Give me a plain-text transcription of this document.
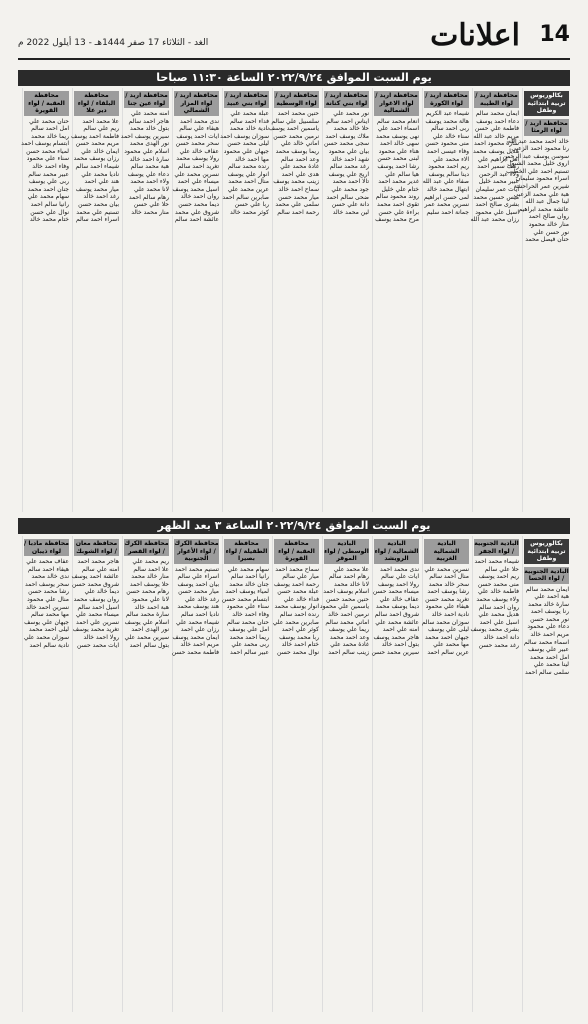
14
اعلانات
الغد - الثلاثاء 17 صفر 1444هـ - 13 أيلول 2022 م
يوم السبت الموافق ٢٠٢٢/٩/٢٤ الساعة ١١:٣٠ صباحا
بكالوريوس تربية ابتدائية وطفل
محافظة اربد / لواء الرمثا
خالد احمد محمد عبد الله
رنا محمود احمد الزعبي
سوسن يوسف عبد الرحمن
اروى خليل محمد الشبول
تسنيم احمد علي الخطيب
اسراء محمود سليمان
شيرين عمر الحراحشة
هبة علي محمد الزعبي
لينا جمال عبد الله
عائشة محمد ابراهيم
روان صالح احمد
منار خالد محمود
نور حسن علي
حنان فيصل محمد
محافظة اربد / لواء الطيبة
ايمان محمد سالم
دعاء احمد يوسف
فاطمة علي حسن
مريم خالد عبد الله
سارة محمود احمد
هديل يوسف محمد
امل ابراهيم علي
رهف سمير احمد
ولاء عبد الرحمن
عبير محمد خليل
آيات عمر سليمان
ميس حسين محمد
بشرى صالح احمد
اسيل علي محمود
رزان محمد عبد الله
محافظة اربد / لواء الكورة
شيماء عبد الكريم
هالة محمد يوسف
ربى احمد سالم
سناء خالد علي
منى محمود حسن
وفاء عيسى احمد
الاء محمد علي
ريم احمد محمود
دينا سالم يوسف
صفاء علي عبد الله
ابتهال محمد خالد
لمى حسن ابراهيم
نسرين محمد عمر
جمانة احمد سليم
محافظة اربد / لواء الاغوار الشمالية
انعام محمد سالم
اسماء احمد علي
نهى يوسف محمد
سهى خالد احمد
هناء علي محمود
لبنى محمد حسن
رشا احمد يوسف
هيا سالم علي
غدير محمد احمد
ختام علي خليل
روند محمود سالم
تقوى احمد محمد
براءة علي حسن
مرح محمد يوسف
محافظة اربد / لواء بني كنانة
نور محمد علي
ايناس احمد سالم
حلا خالد محمد
ملاك يوسف احمد
سجى محمد حسن
بيان علي محمود
شهد احمد خالد
رغد محمد سالم
اريج علي يوسف
تالا احمد محمد
جود محمد علي
ضحى سالم احمد
دانة علي حسن
لين محمد خالد
محافظة اربد / لواء الوسطية
حنين محمد احمد
سلسبيل علي سالم
ياسمين احمد يوسف
نرمين محمد حسن
اماني خالد علي
ريما يوسف محمد
وعد احمد سالم
غادة محمد علي
هدى علي احمد
زينب محمد يوسف
سماح احمد خالد
ميار محمد حسن
سلمى علي محمد
رحمة احمد سالم
محافظة اربد / لواء بني عبيد
عبلة محمد علي
فداء احمد سالم
نادية خالد محمد
سوزان يوسف احمد
ليلى محمد حسن
جيهان علي محمود
مها احمد خالد
رنده محمد سالم
انوار علي يوسف
منال احمد محمد
عرين محمد علي
صابرين سالم احمد
ربا علي حسن
كوثر محمد خالد
محافظة اربد / لواء المزار الشمالي
ندى محمد احمد
هيفاء علي سالم
ايات احمد يوسف
سحر محمد حسن
عفاف خالد علي
رولا يوسف محمد
تغريد احمد سالم
نسرين محمد علي
ميساء علي احمد
اسيل محمد يوسف
روان احمد خالد
ديما محمد حسن
شروق علي محمد
عائشة احمد سالم
محافظة اربد / لواء عين جنا
امنه محمد علي
هاجر احمد سالم
بتول خالد محمد
سيرين يوسف احمد
نور الهدى محمد
اسلام علي محمود
سارة احمد خالد
هبة محمد سالم
دعاء علي يوسف
ولاء احمد محمد
لانا محمد علي
رهام سالم احمد
حلا علي حسن
منار محمد خالد
محافظة البلقاء / لواء دير علا
علا محمد احمد
ريم علي سالم
فاطمة احمد يوسف
مريم محمد حسن
ايمان خالد علي
رزان يوسف محمد
شيماء احمد سالم
ناديا محمد علي
هند علي احمد
ميار محمد يوسف
رغد احمد خالد
بيان محمد حسن
تسنيم علي محمد
اسراء احمد سالم
محافظة العقبة / لواء القويرة
حنان محمد علي
امل احمد سالم
ريما خالد محمد
ابتسام يوسف احمد
لمياء محمد حسن
سناء علي محمود
وفاء احمد خالد
عبير محمد سالم
ربى علي يوسف
جنان احمد محمد
سهام محمد علي
رانيا سالم احمد
نوال علي حسن
ختام محمد خالد
يوم السبت الموافق ٢٠٢٢/٩/٢٤ الساعة ٣ بعد الظهر
بكالوريوس تربية ابتدائية وطفل
البادية الجنوبية / لواء الحسا
ايمان محمد سالم
هبة احمد علي
سارة خالد محمد
رنا يوسف احمد
نور محمد حسن
دعاء علي محمود
مريم احمد خالد
اسماء محمد سالم
عبير علي يوسف
امل احمد محمد
لينا محمد علي
سلمى سالم احمد
البادية الجنوبية / لواء الجفر
شيماء محمد احمد
حلا علي سالم
ريم احمد يوسف
منى محمد حسن
فاطمة خالد علي
ولاء يوسف محمد
روان احمد سالم
هديل محمد علي
اسيل علي احمد
بشرى محمد يوسف
دانة احمد خالد
رغد محمد حسن
البادية الشمالية الغربية
نسرين محمد علي
منال احمد سالم
سحر خالد محمد
رشا يوسف احمد
تغريد محمد حسن
هيفاء علي محمود
نادية احمد خالد
سوزان محمد سالم
ليلى علي يوسف
جيهان احمد محمد
مها محمد علي
عرين سالم احمد
البادية الشمالية / لواء الرويشد
ندى محمد احمد
ايات علي سالم
رولا احمد يوسف
ميساء محمد حسن
عفاف خالد علي
ديما يوسف محمد
شروق احمد سالم
عائشة محمد علي
امنه علي احمد
هاجر محمد يوسف
بتول احمد خالد
سيرين محمد حسن
البادية الوسطى / لواء الموقر
علا محمد علي
رهام احمد سالم
لانا خالد محمد
اسلام يوسف احمد
حنين محمد حسن
ياسمين علي محمود
نرمين احمد خالد
اماني محمد سالم
ريما علي يوسف
وعد احمد محمد
غادة محمد علي
زينب سالم احمد
محافظة العقبة / لواء القويرة
سماح محمد احمد
ميار علي سالم
رحمة احمد يوسف
عبلة محمد حسن
فداء خالد علي
انوار يوسف محمد
رنده احمد سالم
صابرين محمد علي
كوثر علي احمد
ربا محمد يوسف
ختام احمد خالد
نوال محمد حسن
محافظة الطفيلة / لواء بصيرا
سهام محمد علي
رانيا احمد سالم
جنان خالد محمد
لمياء يوسف احمد
ابتسام محمد حسن
سناء علي محمود
وفاء احمد خالد
حنان محمد سالم
امل علي يوسف
ريما احمد محمد
ربى محمد علي
عبير سالم احمد
محافظة الكرك / لواء الأغوار الجنوبية
تسنيم محمد احمد
اسراء علي سالم
بيان احمد يوسف
ميار محمد حسن
رغد خالد علي
هند يوسف محمد
ناديا احمد سالم
شيماء محمد علي
رزان علي احمد
ايمان محمد يوسف
مريم احمد خالد
فاطمة محمد حسن
محافظة الكرك / لواء القصر
ريم محمد علي
علا احمد سالم
منار خالد محمد
حلا يوسف احمد
رهام محمد حسن
لانا علي محمود
هبة احمد خالد
سارة محمد سالم
اسلام علي يوسف
نور الهدى احمد
سيرين محمد علي
بتول سالم احمد
محافظة معان / لواء الشوبك
هاجر محمد احمد
امنه علي سالم
عائشة احمد يوسف
شروق محمد حسن
ديما خالد علي
روان يوسف محمد
اسيل احمد سالم
ميساء محمد علي
نسرين علي احمد
تغريد محمد يوسف
رولا احمد خالد
ايات محمد حسن
محافظة مادبا / لواء ذيبان
عفاف محمد علي
هيفاء احمد سالم
ندى خالد محمد
سحر يوسف احمد
رشا محمد حسن
منال علي محمود
نسرين احمد خالد
مها محمد سالم
جيهان علي يوسف
ليلى احمد محمد
سوزان محمد علي
نادية سالم احمد
